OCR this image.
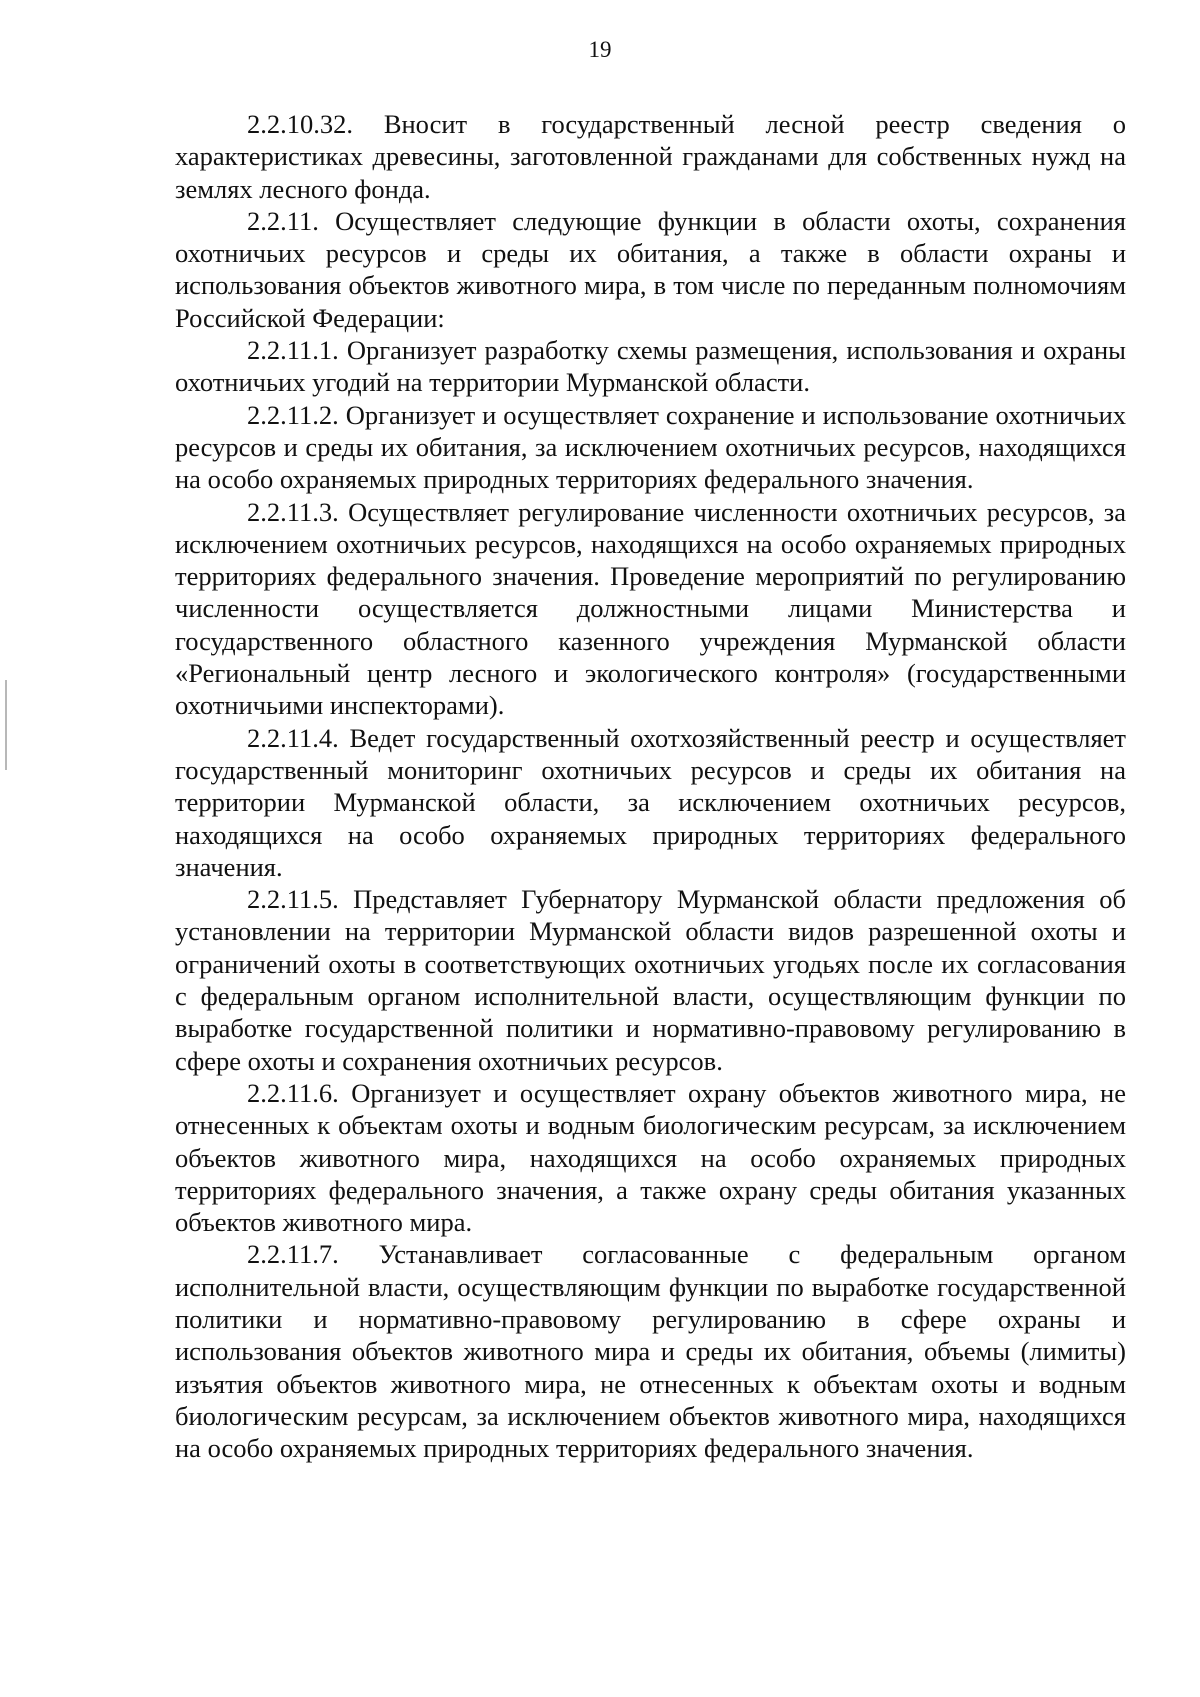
19

2.2.10.32. Вносит в государственный лесной реестр сведения о характеристиках древесины, заготовленной гражданами для собственных нужд на землях лесного фонда.

2.2.11. Осуществляет следующие функции в области охоты, сохранения охотничьих ресурсов и среды их обитания, а также в области охраны и использования объектов животного мира, в том числе по переданным полномочиям Российской Федерации:

2.2.11.1. Организует разработку схемы размещения, использования и охраны охотничьих угодий на территории Мурманской области.

2.2.11.2. Организует и осуществляет сохранение и использование охотничьих ресурсов и среды их обитания, за исключением охотничьих ресурсов, находящихся на особо охраняемых природных территориях федерального значения.

2.2.11.3. Осуществляет регулирование численности охотничьих ресурсов, за исключением охотничьих ресурсов, находящихся на особо охраняемых природных территориях федерального значения. Проведение мероприятий по регулированию численности осуществляется должностными лицами Министерства и государственного областного казенного учреждения Мурманской области «Региональный центр лесного и экологического контроля» (государственными охотничьими инспекторами).

2.2.11.4. Ведет государственный охотхозяйственный реестр и осуществляет государственный мониторинг охотничьих ресурсов и среды их обитания на территории Мурманской области, за исключением охотничьих ресурсов, находящихся на особо охраняемых природных территориях федерального значения.

2.2.11.5. Представляет Губернатору Мурманской области предложения об установлении на территории Мурманской области видов разрешенной охоты и ограничений охоты в соответствующих охотничьих угодьях после их согласования с федеральным органом исполнительной власти, осуществляющим функции по выработке государственной политики и нормативно-правовому регулированию в сфере охоты и сохранения охотничьих ресурсов.

2.2.11.6. Организует и осуществляет охрану объектов животного мира, не отнесенных к объектам охоты и водным биологическим ресурсам, за исключением объектов животного мира, находящихся на особо охраняемых природных территориях федерального значения, а также охрану среды обитания указанных объектов животного мира.

2.2.11.7. Устанавливает согласованные с федеральным органом исполнительной власти, осуществляющим функции по выработке государственной политики и нормативно-правовому регулированию в сфере охраны и использования объектов животного мира и среды их обитания, объемы (лимиты) изъятия объектов животного мира, не отнесенных к объектам охоты и водным биологическим ресурсам, за исключением объектов животного мира, находящихся на особо охраняемых природных территориях федерального значения.
